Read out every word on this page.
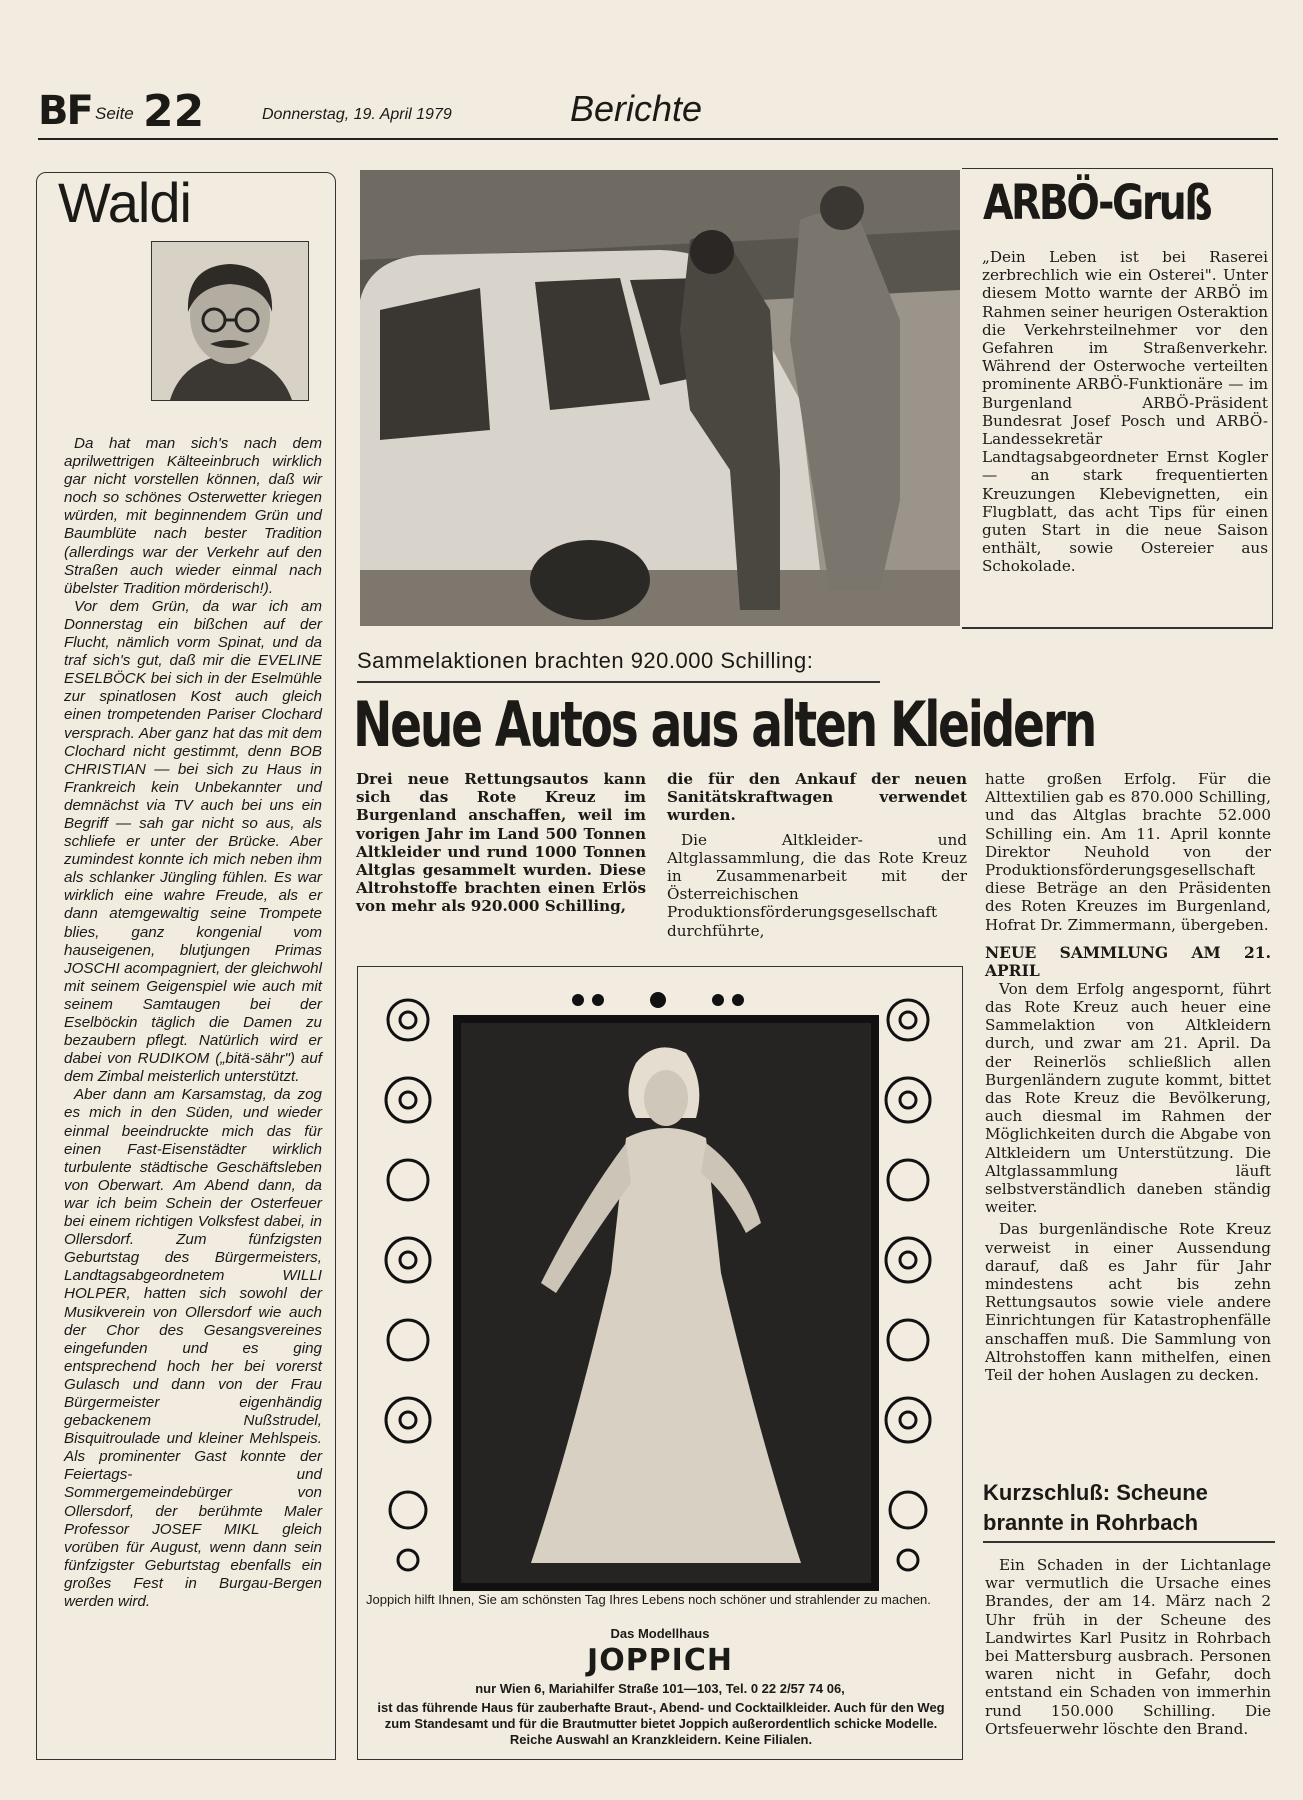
BF Seite 22	Donnerstag, 19. April 1979	Berichte
Waldi

Da hat man sich's nach dem aprilwettrigen Kälteeinbruch wirklich gar nicht vorstellen können, daß wir noch so schönes Osterwetter kriegen würden, mit beginnendem Grün und Baumblüte nach bester Tradition (allerdings war der Verkehr auf den Straßen auch wieder einmal nach übelster Tradition mörderisch!).

Vor dem Grün, da war ich am Donnerstag ein bißchen auf der Flucht, nämlich vorm Spinat, und da traf sich's gut, daß mir die EVELINE ESELBÖCK bei sich in der Eselmühle zur spinatlosen Kost auch gleich einen trompetenden Pariser Clochard versprach. Aber ganz hat das mit dem Clochard nicht gestimmt, denn BOB CHRISTIAN — bei sich zu Haus in Frankreich kein Unbekannter und demnächst via TV auch bei uns ein Begriff — sah gar nicht so aus, als schliefe er unter der Brücke. Aber zumindest konnte ich mich neben ihm als schlanker Jüngling fühlen. Es war wirklich eine wahre Freude, als er dann atemgewaltig seine Trompete blies, ganz kongenial vom hauseigenen, blutjungen Primas JOSCHI acompagniert, der gleichwohl mit seinem Geigenspiel wie auch mit seinem Samtaugen bei der Eselböckin täglich die Damen zu bezaubern pflegt. Natürlich wird er dabei von RUDIKOM („bitä-sähr") auf dem Zimbal meisterlich unterstützt.

Aber dann am Karsamstag, da zog es mich in den Süden, und wieder einmal beeindruckte mich das für einen Fast-Eisenstädter wirklich turbulente städtische Geschäftsleben von Oberwart. Am Abend dann, da war ich beim Schein der Osterfeuer bei einem richtigen Volksfest dabei, in Ollersdorf. Zum fünfzigsten Geburtstag des Bürgermeisters, Landtagsabgeordnetem WILLI HOLPER, hatten sich sowohl der Musikverein von Ollersdorf wie auch der Chor des Gesangsvereines eingefunden und es ging entsprechend hoch her bei vorerst Gulasch und dann von der Frau Bürgermeister eigenhändig gebackenem Nußstrudel, Bisquitroulade und kleiner Mehlspeis. Als prominenter Gast konnte der Feiertags- und Sommergemeindebürger von Ollersdorf, der berühmte Maler Professor JOSEF MIKL gleich vorüben für August, wenn dann sein fünfzigster Geburtstag ebenfalls ein großes Fest in Burgau-Bergen werden wird.

ARBÖ-Gruß
„Dein Leben ist bei Raserei zerbrechlich wie ein Osterei". Unter diesem Motto warnte der ARBÖ im Rahmen seiner heurigen Osteraktion die Verkehrsteilnehmer vor den Gefahren im Straßenverkehr. Während der Osterwoche verteilten prominente ARBÖ-Funktionäre — im Burgenland ARBÖ-Präsident Bundesrat Josef Posch und ARBÖ-Landessekretär Landtagsabgeordneter Ernst Kogler — an stark frequentierten Kreuzungen Klebevignetten, ein Flugblatt, das acht Tips für einen guten Start in die neue Saison enthält, sowie Ostereier aus Schokolade.
Sammelaktionen brachten 920.000 Schilling:
Neue Autos aus alten Kleidern

Drei neue Rettungsautos kann sich das Rote Kreuz im Burgenland anschaffen, weil im vorigen Jahr im Land 500 Tonnen Altkleider und rund 1000 Tonnen Altglas gesammelt wurden. Diese Altrohstoffe brachten einen Erlös von mehr als 920.000 Schilling,

die für den Ankauf der neuen Sanitätskraftwagen verwendet wurden.

Die Altkleider- und Altglassammlung, die das Rote Kreuz in Zusammenarbeit mit der Österreichischen Produktionsförderungsgesellschaft durchführte,

hatte großen Erfolg. Für die Alttextilien gab es 870.000 Schilling, und das Altglas brachte 52.000 Schilling ein. Am 11. April konnte Direktor Neuhold von der Produktionsförderungsgesellschaft diese Beträge an den Präsidenten des Roten Kreuzes im Burgenland, Hofrat Dr. Zimmermann, übergeben.

NEUE SAMMLUNG AM 21. APRIL

Von dem Erfolg angespornt, führt das Rote Kreuz auch heuer eine Sammelaktion von Altkleidern durch, und zwar am 21. April. Da der Reinerlös schließlich allen Burgenländern zugute kommt, bittet das Rote Kreuz die Bevölkerung, auch diesmal im Rahmen der Möglichkeiten durch die Abgabe von Altkleidern um Unterstützung. Die Altglassammlung läuft selbstverständlich daneben ständig weiter.

Das burgenländische Rote Kreuz verweist in einer Aussendung darauf, daß es Jahr für Jahr mindestens acht bis zehn Rettungsautos sowie viele andere Einrichtungen für Katastrophenfälle anschaffen muß. Die Sammlung von Altrohstoffen kann mithelfen, einen Teil der hohen Auslagen zu decken.

Joppich hilft Ihnen, Sie am schönsten Tag Ihres Lebens noch schöner und strahlender zu machen.
Das Modellhaus
JOPPICH
nur Wien 6, Mariahilfer Straße 101—103, Tel. 0 22 2/57 74 06,
ist das führende Haus für zauberhafte Braut-, Abend- und Cocktailkleider. Auch für den Weg zum Standesamt und für die Brautmutter bietet Joppich außerordentlich schicke Modelle. Reiche Auswahl an Kranzkleidern. Keine Filialen.
Kurzschluß: Scheune brannte in Rohrbach

Ein Schaden in der Lichtanlage war vermutlich die Ursache eines Brandes, der am 14. März nach 2 Uhr früh in der Scheune des Landwirtes Karl Pusitz in Rohrbach bei Mattersburg ausbrach. Personen waren nicht in Gefahr, doch entstand ein Schaden von immerhin rund 150.000 Schilling. Die Ortsfeuerwehr löschte den Brand.
